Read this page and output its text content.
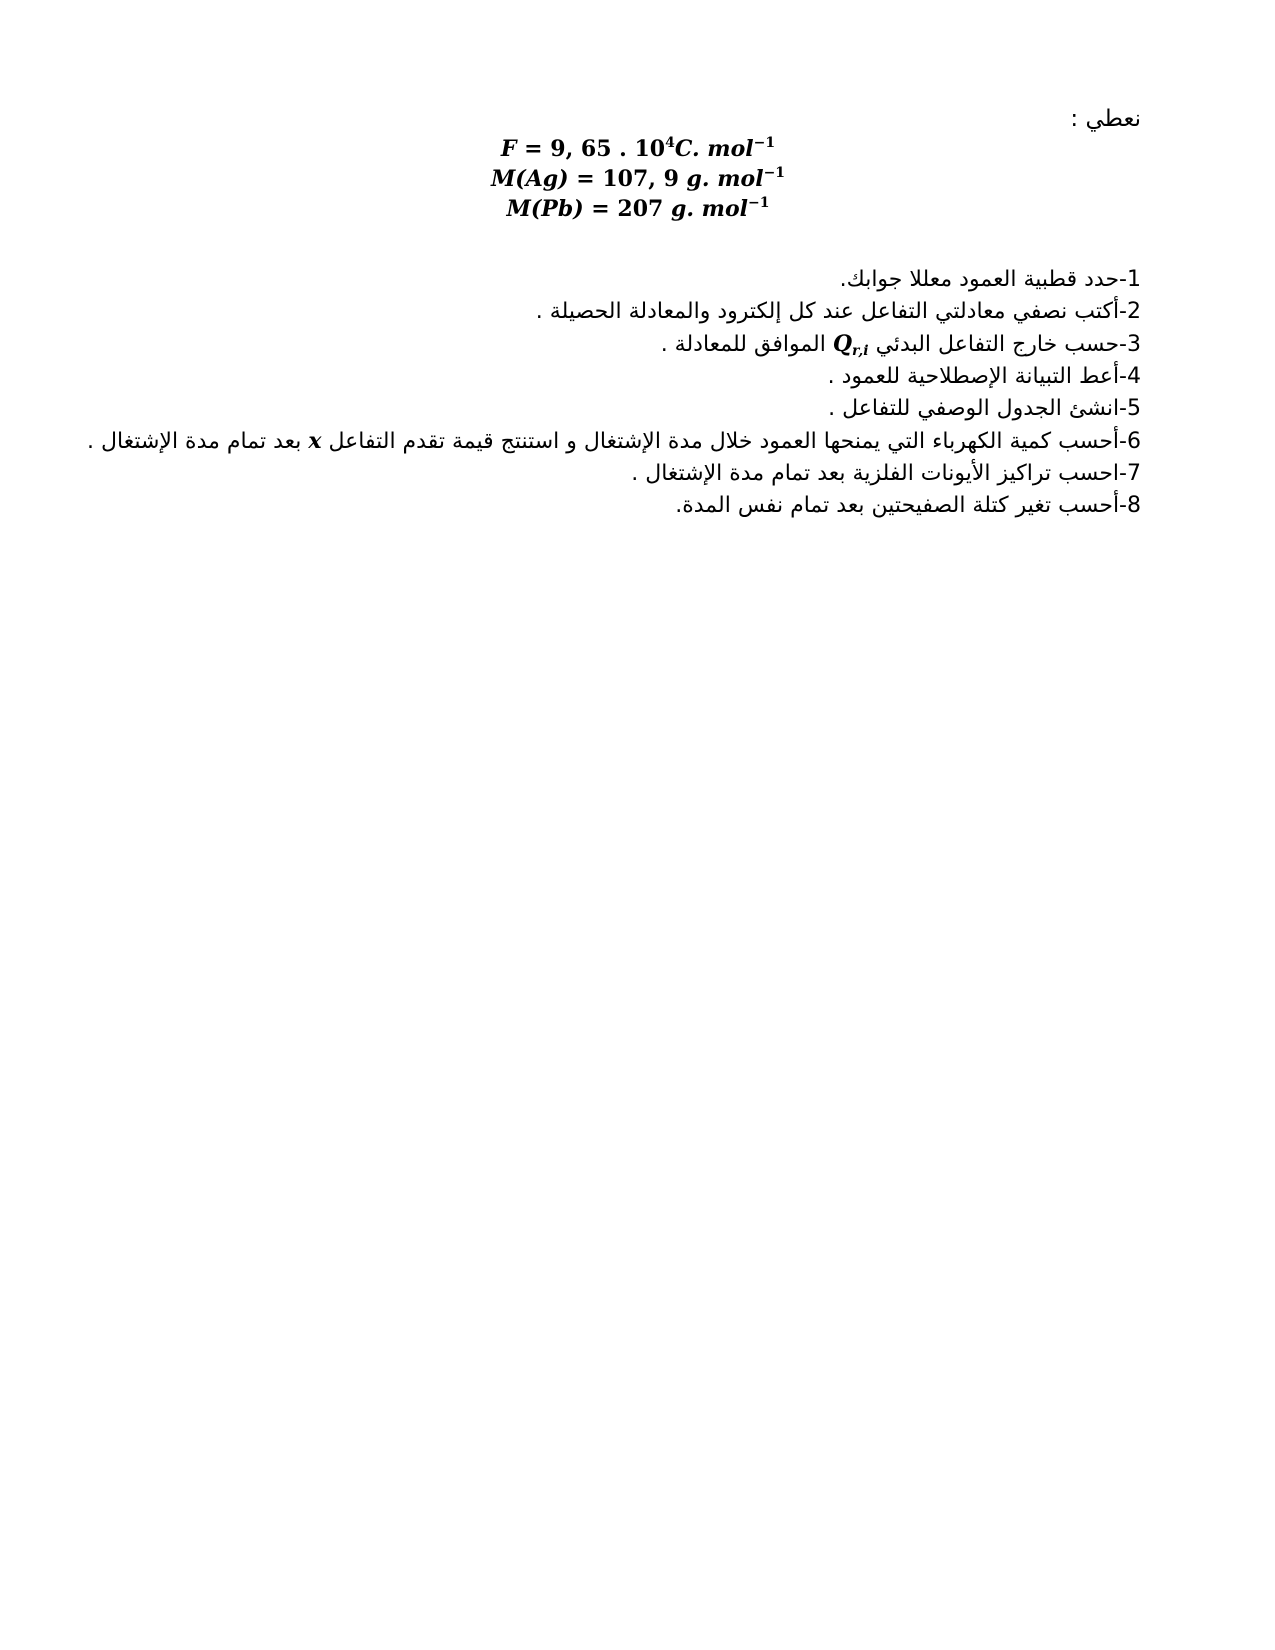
نعطي :
F = 9, 65 . $10^4C$. mol$^{-1}$
M(Ag) = 107, 9 g. mol$^{-1}$
M(Pb) = 207 g. mol$^{-1}$
1-حدد قطبية العمود معللا جوابك.
2-أكتب نصفي معادلتي التفاعل عند كل إلكترود والمعادلة الحصيلة .
3-حسب خارج التفاعل البدئي $Q_{r,i}$ الموافق للمعادلة .
4-أعط التبيانة الإصطلاحية للعمود .
5-انشئ الجدول الوصفي للتفاعل .
6-أحسب كمية الكهرباء التي يمنحها العمود خلال مدة الإشتغال و استنتج قيمة تقدم التفاعل x بعد تمام مدة الإشتغال .
7-احسب تراكيز الأيونات الفلزية بعد تمام مدة الإشتغال .
8-أحسب تغير كتلة الصفيحتين بعد تمام نفس المدة.
